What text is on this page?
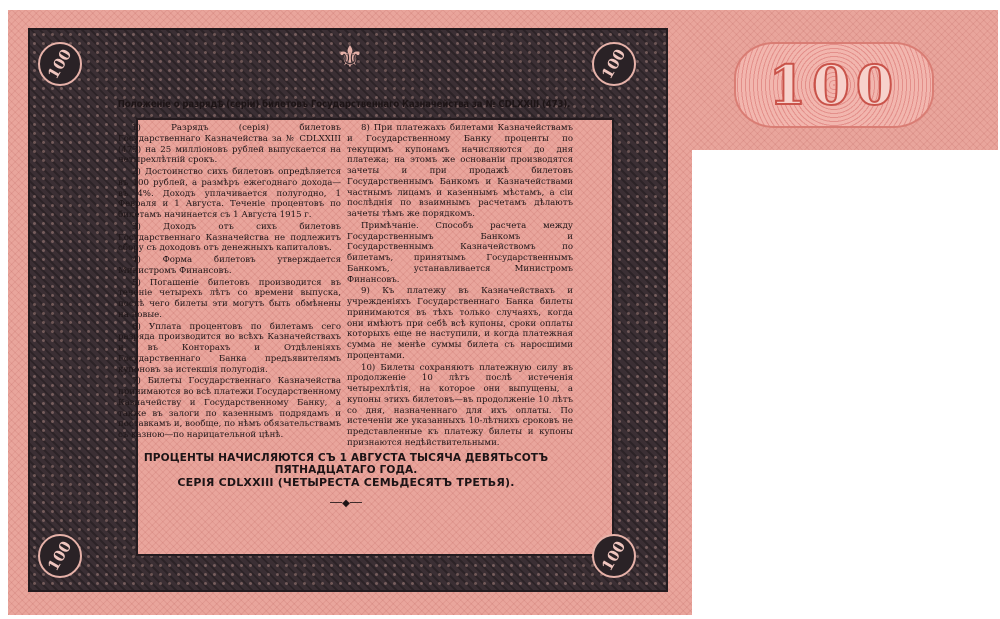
100
⚜
100	100
100	100
Положеніе о разрядѣ (серіи) билетовъ Государственнаго Казначейства за № CDLXXIII (473).

1) Разрядъ (серія) билетовъ Государственнаго Казначейства за № CDLXXIII (473) на 25 милліоновъ рублей выпускается на четырехлѣтній срокъ.

2) Достоинство сихъ билетовъ опредѣляется въ 100 рублей, а размѣръ ежегоднаго дохода— въ 4%. Доходъ уплачивается полугодно, 1 Февраля и 1 Августа. Теченіе процентовъ по билетамъ начинается съ 1 Августа 1915 г.

3) Доходъ отъ сихъ билетовъ Государственнаго Казначейства не подлежитъ сбору съ доходовъ отъ денежныхъ капиталовъ.

4) Форма билетовъ утверждается Министромъ Финансовъ.

5) Погашеніе билетовъ производится въ теченіе четырехъ лѣтъ со времени выпуска, послѣ чего билеты эти могутъ быть обмѣнены на новые.

6) Уплата процентовъ по билетамъ сего разряда производится во всѣхъ Казначействахъ и въ Конторахъ и Отдѣленіяхъ Государственнаго Банка предъявителямъ купоновъ за истекшія полугодія.

7) Билеты Государственнаго Казначейства принимаются во всѣ платежи Государственному Казначейству и Государственному Банку, а также въ залоги по казеннымъ подрядамъ и поставкамъ и, вообще, по нѣмъ обязательствамъ съ казною—по нарицательной цѣнѣ.

8) При платежахъ билетами Казначействамъ и Государственному Банку проценты по текущимъ купонамъ начисляются до дня платежа; на этомъ же основаніи производятся зачеты и при продажѣ билетовъ Государственнымъ Банкомъ и Казначействами частнымъ лицамъ и казеннымъ мѣстамъ, а сіи послѣднія по взаимнымъ расчетамъ дѣлаютъ зачеты тѣмъ же порядкомъ.

Примѣчаніе. Способъ расчета между Государственнымъ Банкомъ и Государственнымъ Казначействомъ по билетамъ, принятымъ Государственнымъ Банкомъ, устанавливается Министромъ Финансовъ.

9) Къ платежу въ Казначействахъ и учрежденіяхъ Государственнаго Банка билеты принимаются въ тѣхъ только случаяхъ, когда они имѣютъ при себѣ всѣ купоны, сроки оплаты которыхъ еще не наступили, и когда платежная сумма не менѣе суммы билета съ наросшими процентами.

10) Билеты сохраняютъ платежную силу въ продолженіе 10 лѣтъ послѣ истеченія четырехлѣтія, на которое они выпущены, а купоны этихъ билетовъ—въ продолженіе 10 лѣтъ со дня, назначеннаго для ихъ оплаты. По истеченіи же указанныхъ 10-лѣтнихъ сроковъ не представленные къ платежу билеты и купоны признаются недѣйствительными.

ПРОЦЕНТЫ НАЧИСЛЯЮТСЯ СЪ 1 АВГУСТА ТЫСЯЧА ДЕВЯТЬСОТЪ ПЯТНАДЦАТАГО ГОДА.
СЕРІЯ CDLXXIII (ЧЕТЫРЕСТА СЕМЬДЕСЯТЪ ТРЕТЬЯ).
──◆──
